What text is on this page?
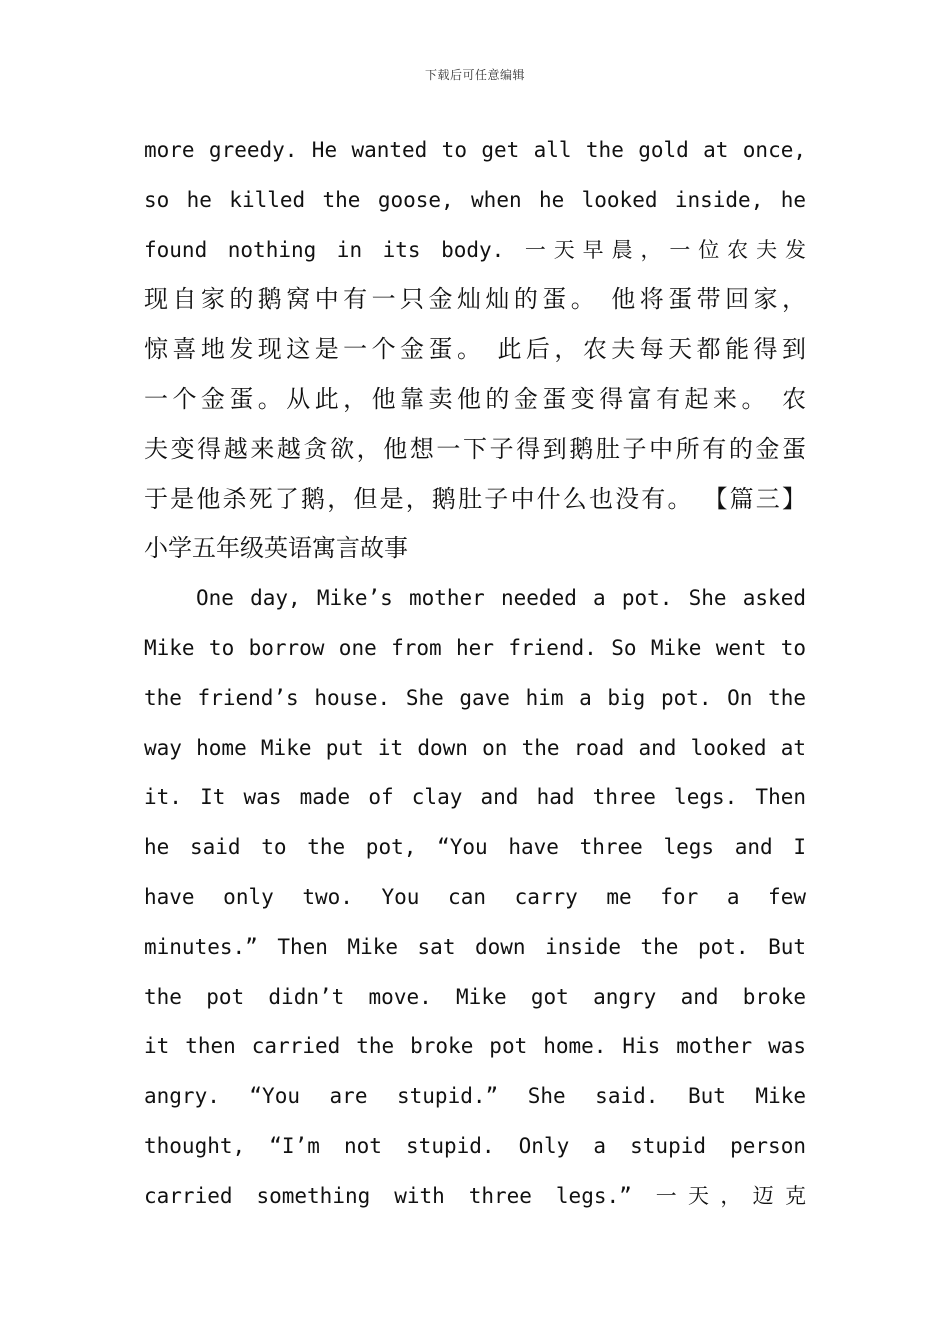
下载后可任意编辑
more greedy. He wanted to get all the gold at once,
so he killed the goose, when he looked inside, he
found nothing in its body. 一天早晨，一位农夫发
现自家的鹅窝中有一只金灿灿的蛋。 他将蛋带回家，
惊喜地发现这是一个金蛋。 此后，农夫每天都能得到
一个金蛋。从此，他靠卖他的金蛋变得富有起来。 农
夫变得越来越贪欲，他想一下子得到鹅肚子中所有的金蛋
于是他杀死了鹅，但是，鹅肚子中什么也没有。 【篇三】
小学五年级英语寓言故事
One day, Mike’s mother needed a pot. She asked
Mike to borrow one from her friend. So Mike went to
the friend’s house. She gave him a big pot. On the
way home Mike put it down on the road and looked at
it. It was made of clay and had three legs. Then
he said to the pot, “You have three legs and I
have only two. You can carry me for a few
minutes.” Then Mike sat down inside the pot. But
the pot didn’t move. Mike got angry and broke
it then carried the broke pot home. His mother was
angry. “You are stupid.” She said. But Mike
thought, “I’m not stupid. Only a stupid person
carried something with three legs.” 一天，迈克
